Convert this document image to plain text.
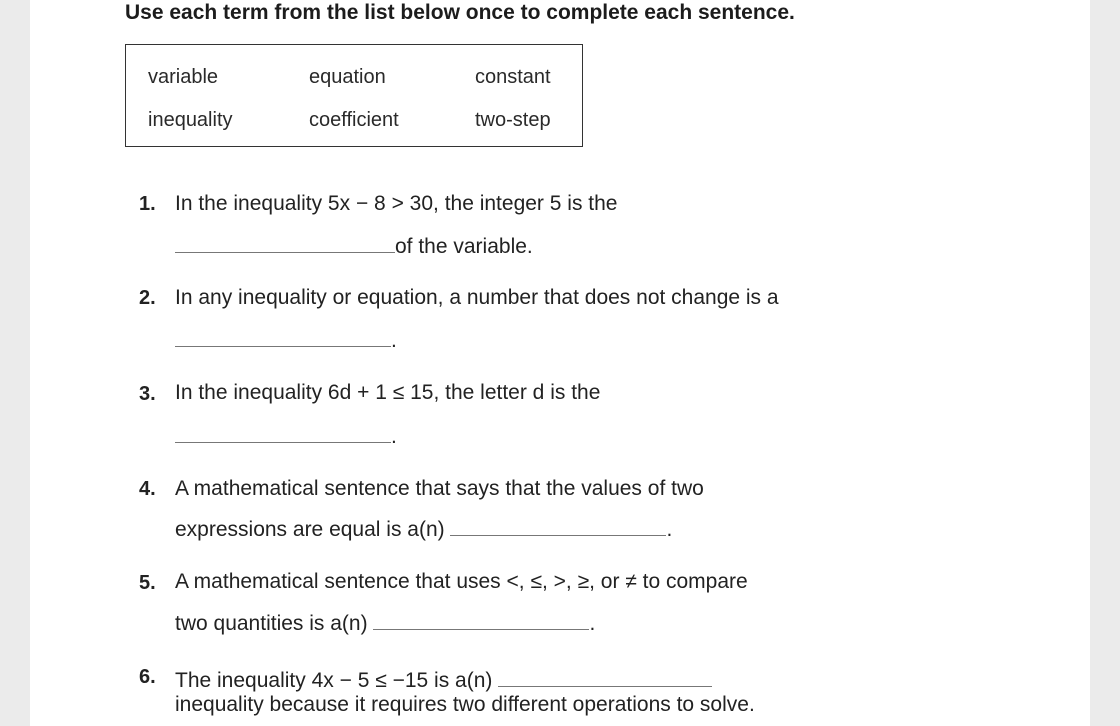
Use each term from the list below once to complete each sentence.
variable	equation	constant
inequality	coefficient	two-step
1. In the inequality 5x − 8 > 30, the integer 5 is the
of the variable.
2. In any inequality or equation, a number that does not change is a
.
3. In the inequality 6d + 1 ≤ 15, the letter d is the
.
4. A mathematical sentence that says that the values of two
expressions are equal is a(n)	.
5. A mathematical sentence that uses <, ≤, >, ≥, or ≠ to compare
two quantities is a(n)	.
6. The inequality 4x − 5 ≤ −15 is a(n)
inequality because it requires two different operations to solve.
